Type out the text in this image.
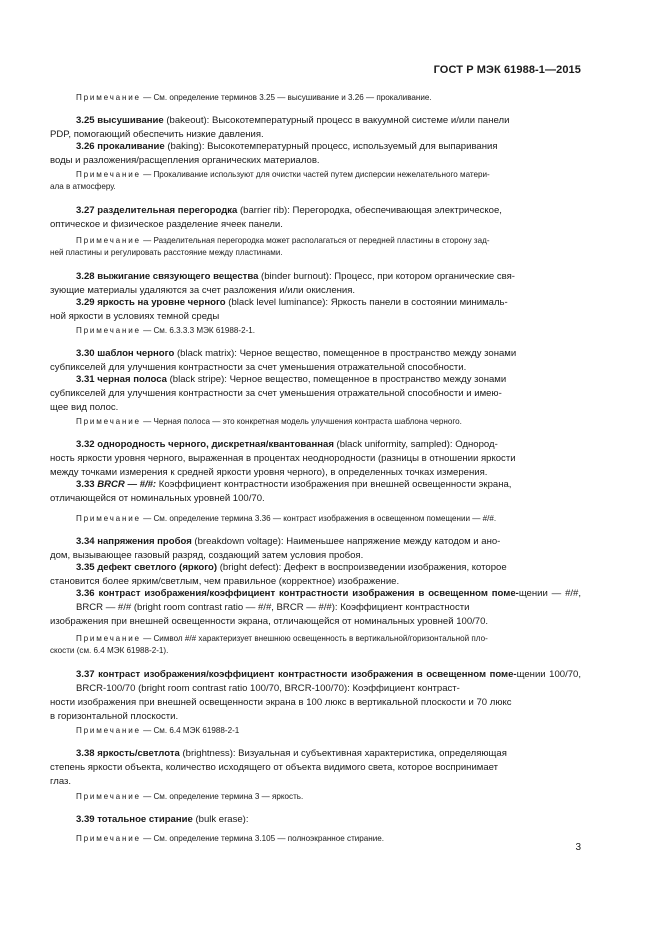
ГОСТ Р МЭК 61988-1—2015
Примечание — См. определение терминов 3.25 — высушивание и 3.26 — прокаливание.
3.25 высушивание (bakeout): Высокотемпературный процесс в вакуумной системе и/или панели
PDP, помогающий обеспечить низкие давления.
3.26 прокаливание (baking): Высокотемпературный процесс, используемый для выпаривания
воды и разложения/расщепления органических материалов.
Примечание — Прокаливание используют для очистки частей путем дисперсии нежелательного матери-
ала в атмосферу.
3.27 разделительная перегородка (barrier rib): Перегородка, обеспечивающая электрическое,
оптическое и физическое разделение ячеек панели.
Примечание — Разделительная перегородка может располагаться от передней пластины в сторону зад-
ней пластины и регулировать расстояние между пластинами.
3.28 выжигание связующего вещества (binder burnout): Процесс, при котором органические свя-
зующие материалы удаляются за счет разложения и/или окисления.
3.29 яркость на уровне черного (black level luminance): Яркость панели в состоянии минималь-
ной яркости в условиях темной среды
Примечание — См. 6.3.3.3 МЭК 61988-2-1.
3.30 шаблон черного (black matrix): Черное вещество, помещенное в пространство между зонами
субпикселей для улучшения контрастности за счет уменьшения отражательной способности.
3.31 черная полоса (black stripe): Черное вещество, помещенное в пространство между зонами
субпикселей для улучшения контрастности за счет уменьшения отражательной способности и имею-
щее вид полос.
Примечание — Черная полоса — это конкретная модель улучшения контраста шаблона черного.
3.32 однородность черного, дискретная/квантованная (black uniformity, sampled): Однород-
ность яркости уровня черного, выраженная в процентах неоднородности (разницы в отношении яркости
между точками измерения к средней яркости уровня черного), в определенных точках измерения.
3.33 BRCR — #/#: Коэффициент контрастности изображения при внешней освещенности экрана,
отличающейся от номинальных уровней 100/70.
Примечание — См. определение термина 3.36 — контраст изображения в освещенном помещении — #/#.
3.34 напряжения пробоя (breakdown voltage): Наименьшее напряжение между катодом и ано-
дом, вызывающее газовый разряд, создающий затем условия пробоя.
3.35 дефект светлого (яркого) (bright defect): Дефект в воспроизведении изображения, которое
становится более ярким/светлым, чем правильное (корректное) изображение.
3.36 контраст изображения/коэффициент контрастности изображения в освещенном поме-щении — #/#, BRCR — #/# (bright room contrast ratio — #/#, BRCR — #/#): Коэффициент контрастности
изображения при внешней освещенности экрана, отличающейся от номинальных уровней 100/70.
Примечание — Символ #/# характеризует внешнюю освещенность в вертикальной/горизонтальной пло-
скости (см. 6.4 МЭК 61988-2-1).
3.37 контраст изображения/коэффициент контрастности изображения в освещенном поме-щении 100/70, BRCR-100/70 (bright room contrast ratio 100/70, BRCR-100/70): Коэффициент контраст-
ности изображения при внешней освещенности экрана в 100 люкс в вертикальной плоскости и 70 люкс
в горизонтальной плоскости.
Примечание — См. 6.4 МЭК 61988-2-1
3.38 яркость/светлота (brightness): Визуальная и субъективная характеристика, определяющая
степень яркости объекта, количество исходящего от объекта видимого света, которое воспринимает
глаз.
Примечание — См. определение термина 3 — яркость.
3.39 тотальное стирание (bulk erase):
Примечание — См. определение термина 3.105 — полноэкранное стирание.
3
